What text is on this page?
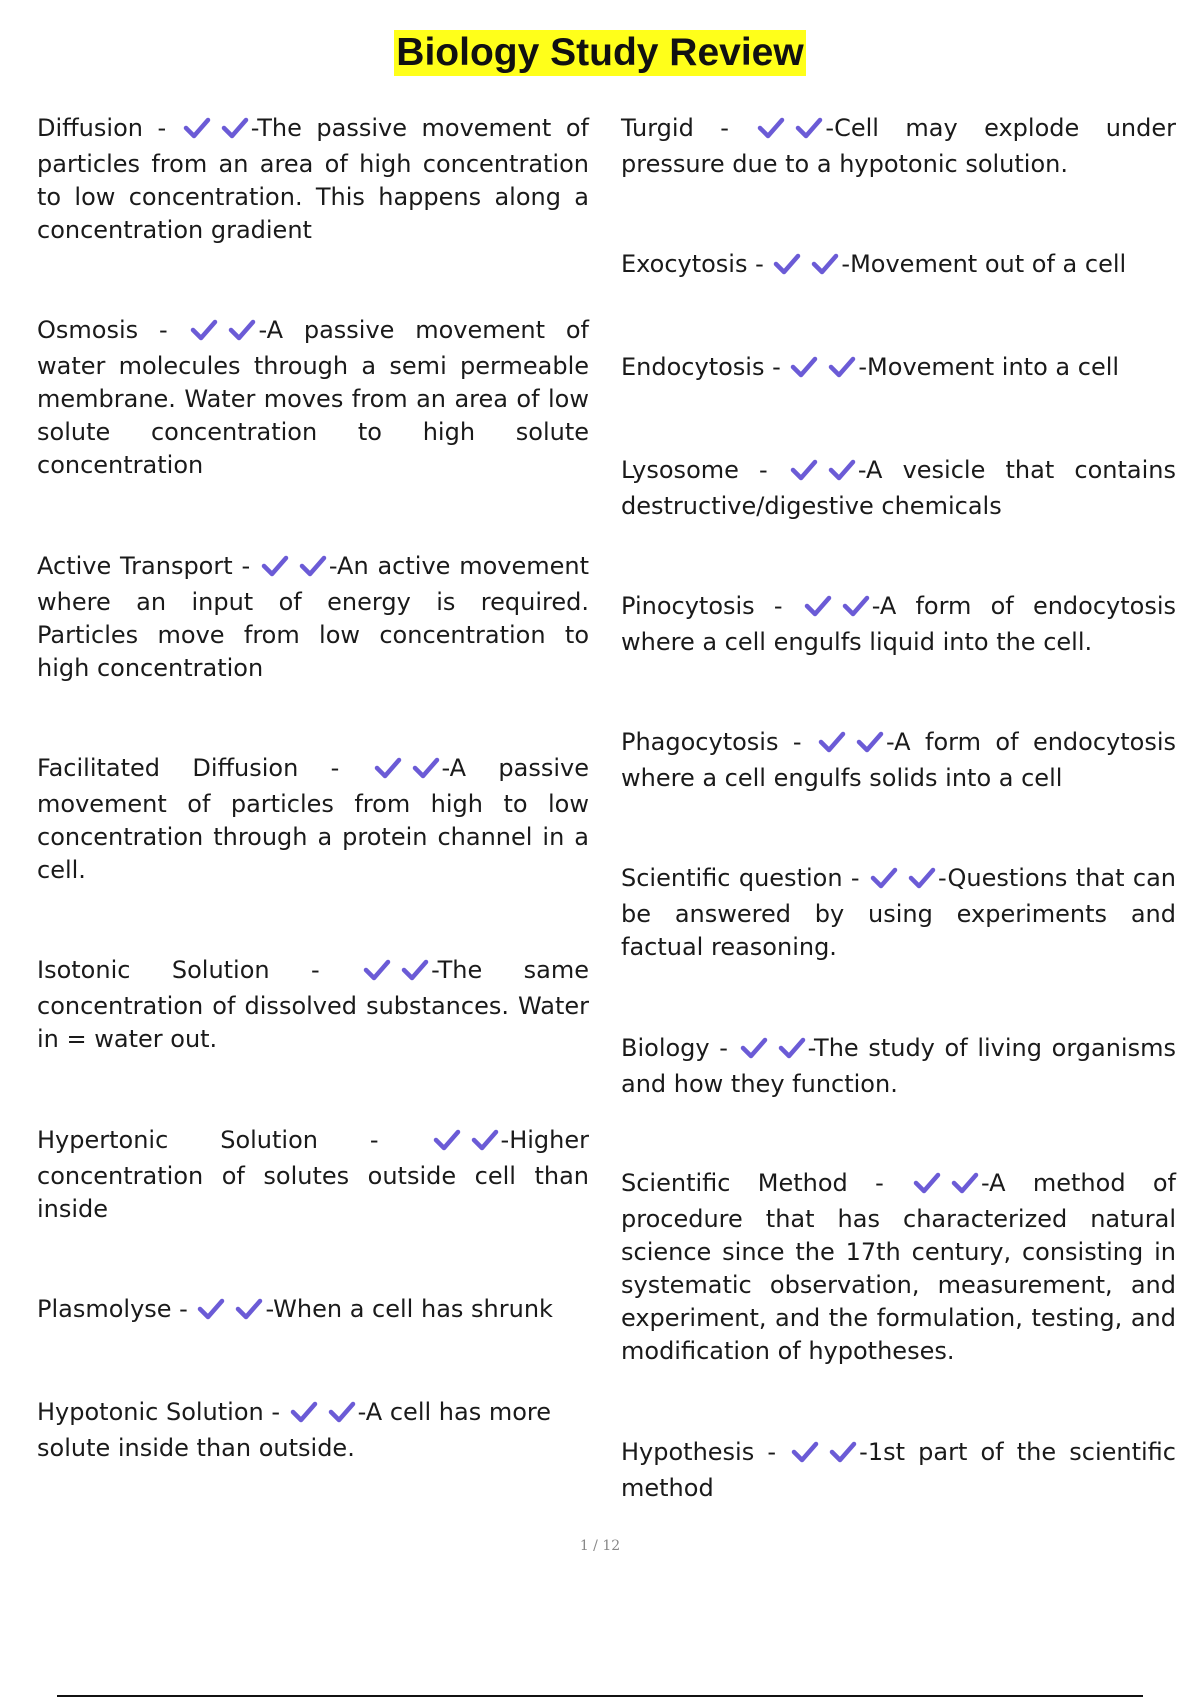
Biology Study Review

Diffusion -	-The passive movement of particles from an area of high concentration to low concentration. This happens along a concentration gradient

Osmosis -	-A passive movement of water molecules through a semi permeable membrane. Water moves from an area of low solute concentration to high solute concentration

Active Transport -	-An active movement where an input of energy is required. Particles move from low concentration to high concentration

Facilitated Diffusion -	-A passive movement of particles from high to low concentration through a protein channel in a cell.

Isotonic Solution -	-The same concentration of dissolved substances. Water in = water out.

Hypertonic Solution -	-Higher concentration of solutes outside cell than inside

Plasmolyse -	-When a cell has shrunk

Hypotonic Solution -	-A cell has more solute inside than outside.

Turgid -	-Cell may explode under pressure due to a hypotonic solution.

Exocytosis -	-Movement out of a cell

Endocytosis -	-Movement into a cell

Lysosome -	-A vesicle that contains destructive/digestive chemicals

Pinocytosis -	-A form of endocytosis where a cell engulfs liquid into the cell.

Phagocytosis -	-A form of endocytosis where a cell engulfs solids into a cell

Scientific question -	-Questions that can be answered by using experiments and factual reasoning.

Biology -	-The study of living organisms and how they function.

Scientific Method -	-A method of procedure that has characterized natural science since the 17th century, consisting in systematic observation, measurement, and experiment, and the formulation, testing, and modification of hypotheses.

Hypothesis -	-1st part of the scientific method

1 / 12
